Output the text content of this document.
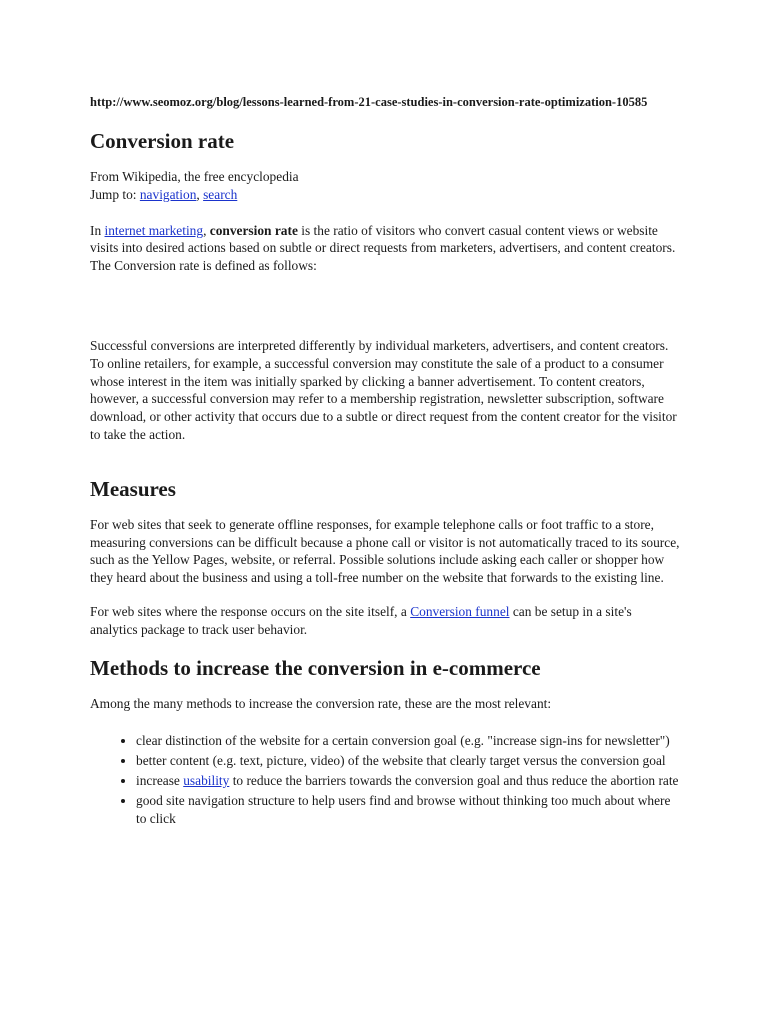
http://www.seomoz.org/blog/lessons-learned-from-21-case-studies-in-conversion-rate-optimization-10585
Conversion rate

From Wikipedia, the free encyclopedia
Jump to: navigation, search

In internet marketing, conversion rate is the ratio of visitors who convert casual content views or website visits into desired actions based on subtle or direct requests from marketers, advertisers, and content creators. The Conversion rate is defined as follows:

Successful conversions are interpreted differently by individual marketers, advertisers, and content creators. To online retailers, for example, a successful conversion may constitute the sale of a product to a consumer whose interest in the item was initially sparked by clicking a banner advertisement. To content creators, however, a successful conversion may refer to a membership registration, newsletter subscription, software download, or other activity that occurs due to a subtle or direct request from the content creator for the visitor to take the action.

Measures

For web sites that seek to generate offline responses, for example telephone calls or foot traffic to a store, measuring conversions can be difficult because a phone call or visitor is not automatically traced to its source, such as the Yellow Pages, website, or referral. Possible solutions include asking each caller or shopper how they heard about the business and using a toll-free number on the website that forwards to the existing line.

For web sites where the response occurs on the site itself, a Conversion funnel can be setup in a site's analytics package to track user behavior.

Methods to increase the conversion in e-commerce

Among the many methods to increase the conversion rate, these are the most relevant:

• clear distinction of the website for a certain conversion goal (e.g. "increase sign-ins for newsletter")
• better content (e.g. text, picture, video) of the website that clearly target versus the conversion goal
• increase usability to reduce the barriers towards the conversion goal and thus reduce the abortion rate
• good site navigation structure to help users find and browse without thinking too much about where to click
